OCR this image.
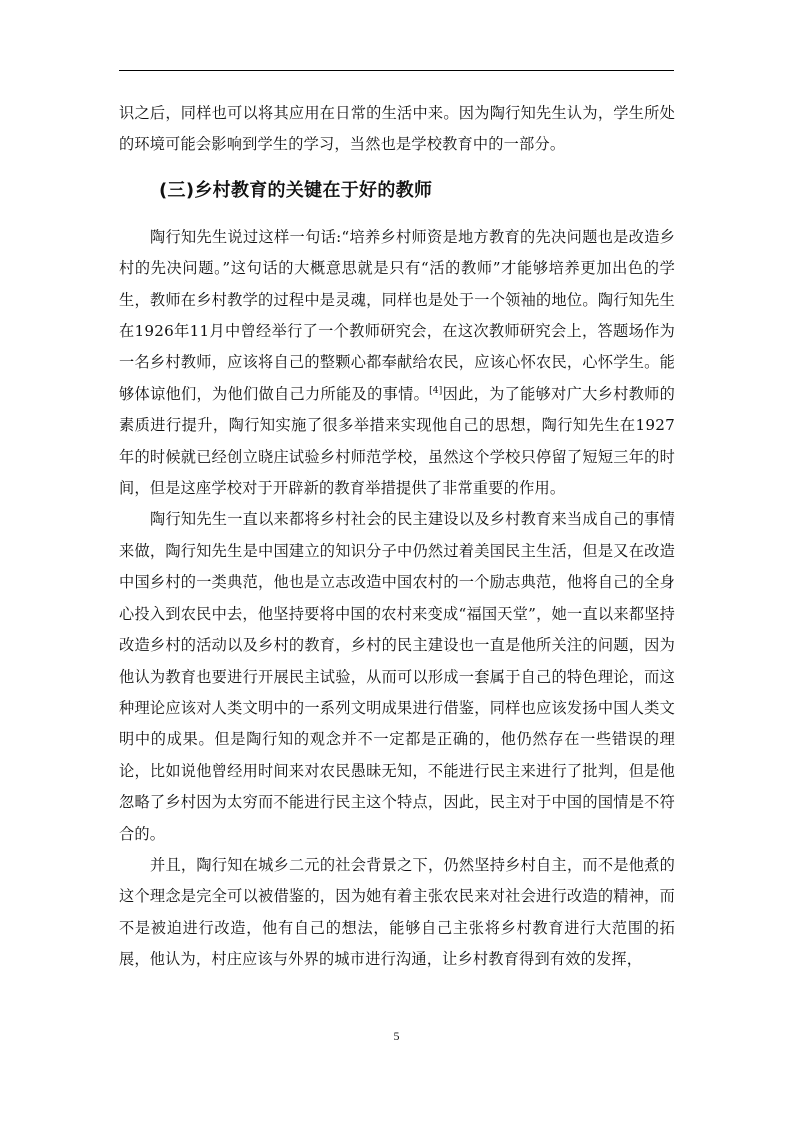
识之后，同样也可以将其应用在日常的生活中来。因为陶行知先生认为，学生所处的环境可能会影响到学生的学习，当然也是学校教育中的一部分。

(三)乡村教育的关键在于好的教师

陶行知先生说过这样一句话:“培养乡村师资是地方教育的先决问题也是改造乡村的先决问题。”这句话的大概意思就是只有“活的教师”才能够培养更加出色的学生，教师在乡村教学的过程中是灵魂，同样也是处于一个领袖的地位。陶行知先生在1926年11月中曾经举行了一个教师研究会，在这次教师研究会上，答题场作为一名乡村教师，应该将自己的整颗心都奉献给农民，应该心怀农民，心怀学生。能够体谅他们，为他们做自己力所能及的事情。[4]因此，为了能够对广大乡村教师的素质进行提升，陶行知实施了很多举措来实现他自己的思想，陶行知先生在1927年的时候就已经创立晓庄试验乡村师范学校，虽然这个学校只停留了短短三年的时间，但是这座学校对于开辟新的教育举措提供了非常重要的作用。

陶行知先生一直以来都将乡村社会的民主建设以及乡村教育来当成自己的事情来做，陶行知先生是中国建立的知识分子中仍然过着美国民主生活，但是又在改造中国乡村的一类典范，他也是立志改造中国农村的一个励志典范，他将自己的全身心投入到农民中去，他坚持要将中国的农村来变成“福国天堂”，她一直以来都坚持改造乡村的活动以及乡村的教育，乡村的民主建设也一直是他所关注的问题，因为他认为教育也要进行开展民主试验，从而可以形成一套属于自己的特色理论，而这种理论应该对人类文明中的一系列文明成果进行借鉴，同样也应该发扬中国人类文明中的成果。但是陶行知的观念并不一定都是正确的，他仍然存在一些错误的理论，比如说他曾经用时间来对农民愚昧无知，不能进行民主来进行了批判，但是他忽略了乡村因为太穷而不能进行民主这个特点，因此，民主对于中国的国情是不符合的。

并且，陶行知在城乡二元的社会背景之下，仍然坚持乡村自主，而不是他煮的这个理念是完全可以被借鉴的，因为她有着主张农民来对社会进行改造的精神，而不是被迫进行改造，他有自己的想法，能够自己主张将乡村教育进行大范围的拓展，他认为，村庄应该与外界的城市进行沟通，让乡村教育得到有效的发挥，

5
